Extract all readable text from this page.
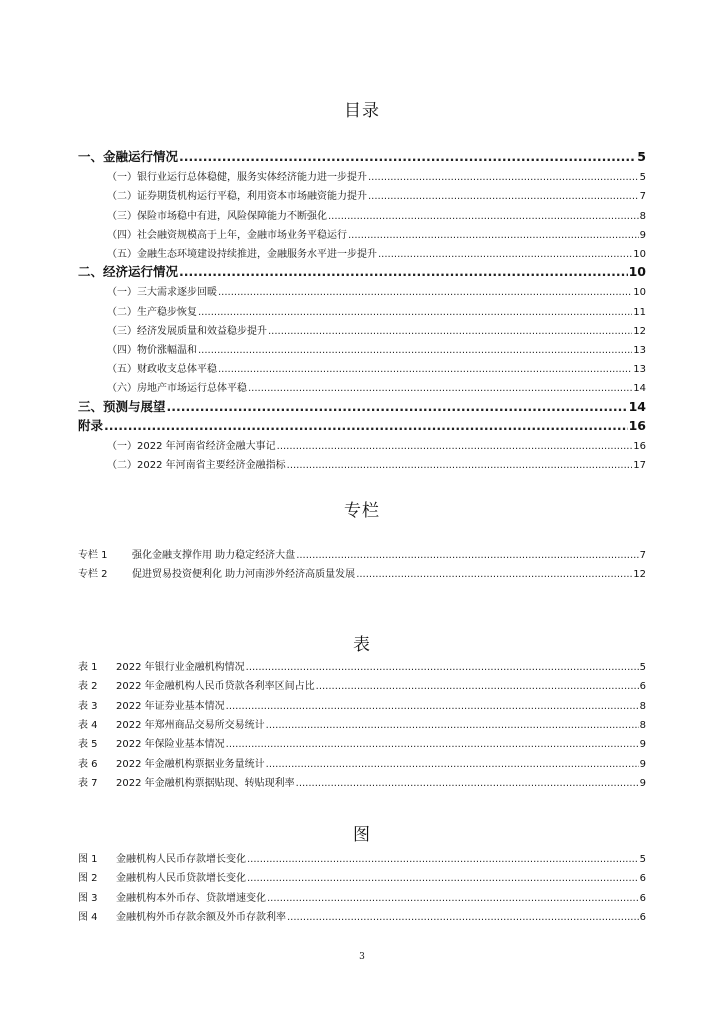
目录
一、金融运行情况 .....	5
（一）银行业运行总体稳健，服务实体经济能力进一步提升 .....	5
（二）证券期货机构运行平稳，利用资本市场融资能力提升 .....	7
（三）保险市场稳中有进，风险保障能力不断强化 .....	8
（四）社会融资规模高于上年，金融市场业务平稳运行 .....	9
（五）金融生态环境建设持续推进，金融服务水平进一步提升 .....	10
二、经济运行情况 .....	10
（一）三大需求逐步回暖 .....	10
（二）生产稳步恢复 .....	11
（三）经济发展质量和效益稳步提升 .....	12
（四）物价涨幅温和 .....	13
（五）财政收支总体平稳 .....	13
（六）房地产市场运行总体平稳 .....	14
三、预测与展望 .....	14
附录 .....	16
（一）2022 年河南省经济金融大事记 .....	16
（二）2022 年河南省主要经济金融指标 .....	17
专栏
专栏 1 强化金融支撑作用 助力稳定经济大盘 .....	7
专栏 2 促进贸易投资便利化 助力河南涉外经济高质量发展 .....	12
表
表 1 2022 年银行业金融机构情况 .....	5
表 2 2022 年金融机构人民币贷款各利率区间占比 .....	6
表 3 2022 年证券业基本情况 .....	8
表 4 2022 年郑州商品交易所交易统计 .....	8
表 5 2022 年保险业基本情况 .....	9
表 6 2022 年金融机构票据业务量统计 .....	9
表 7 2022 年金融机构票据贴现、转贴现利率 .....	9
图
图 1 金融机构人民币存款增长变化 .....	5
图 2 金融机构人民币贷款增长变化 .....	6
图 3 金融机构本外币存、贷款增速变化 .....	6
图 4 金融机构外币存款余额及外币存款利率 .....	6
3
